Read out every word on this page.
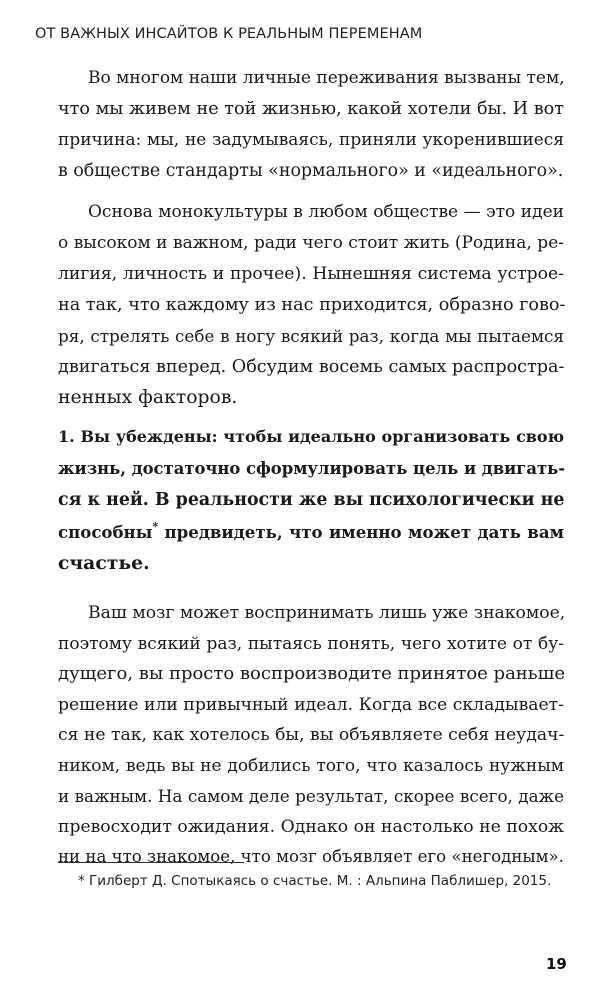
ОТ ВАЖНЫХ ИНСАЙТОВ К РЕАЛЬНЫМ ПЕРЕМЕНАМ
Во многом наши личные переживания вызваны тем,
что мы живем не той жизнью, какой хотели бы. И вот
причина: мы, не задумываясь, приняли укоренившиеся
в обществе стандарты «нормального» и «идеального».
Основа монокультуры в любом обществе — это идеи
о высоком и важном, ради чего стоит жить (Родина, ре-
лигия, личность и прочее). Нынешняя система устрое-
на так, что каждому из нас приходится, образно гово-
ря, стрелять себе в ногу всякий раз, когда мы пытаемся
двигаться вперед. Обсудим восемь самых распростра-
ненных факторов.
1. Вы убеждены: чтобы идеально организовать свою
жизнь, достаточно сформулировать цель и двигать-
ся к ней. В реальности же вы психологически не
способны* предвидеть, что именно может дать вам
счастье.
Ваш мозг может воспринимать лишь уже знакомое,
поэтому всякий раз, пытаясь понять, чего хотите от бу-
дущего, вы просто воспроизводите принятое раньше
решение или привычный идеал. Когда все складывает-
ся не так, как хотелось бы, вы объявляете себя неудач-
ником, ведь вы не добились того, что казалось нужным
и важным. На самом деле результат, скорее всего, даже
превосходит ожидания. Однако он настолько не похож
ни на что знакомое, что мозг объявляет его «негодным».
* Гилберт Д. Спотыкаясь о счастье. М. : Альпина Паблишер, 2015.
19
